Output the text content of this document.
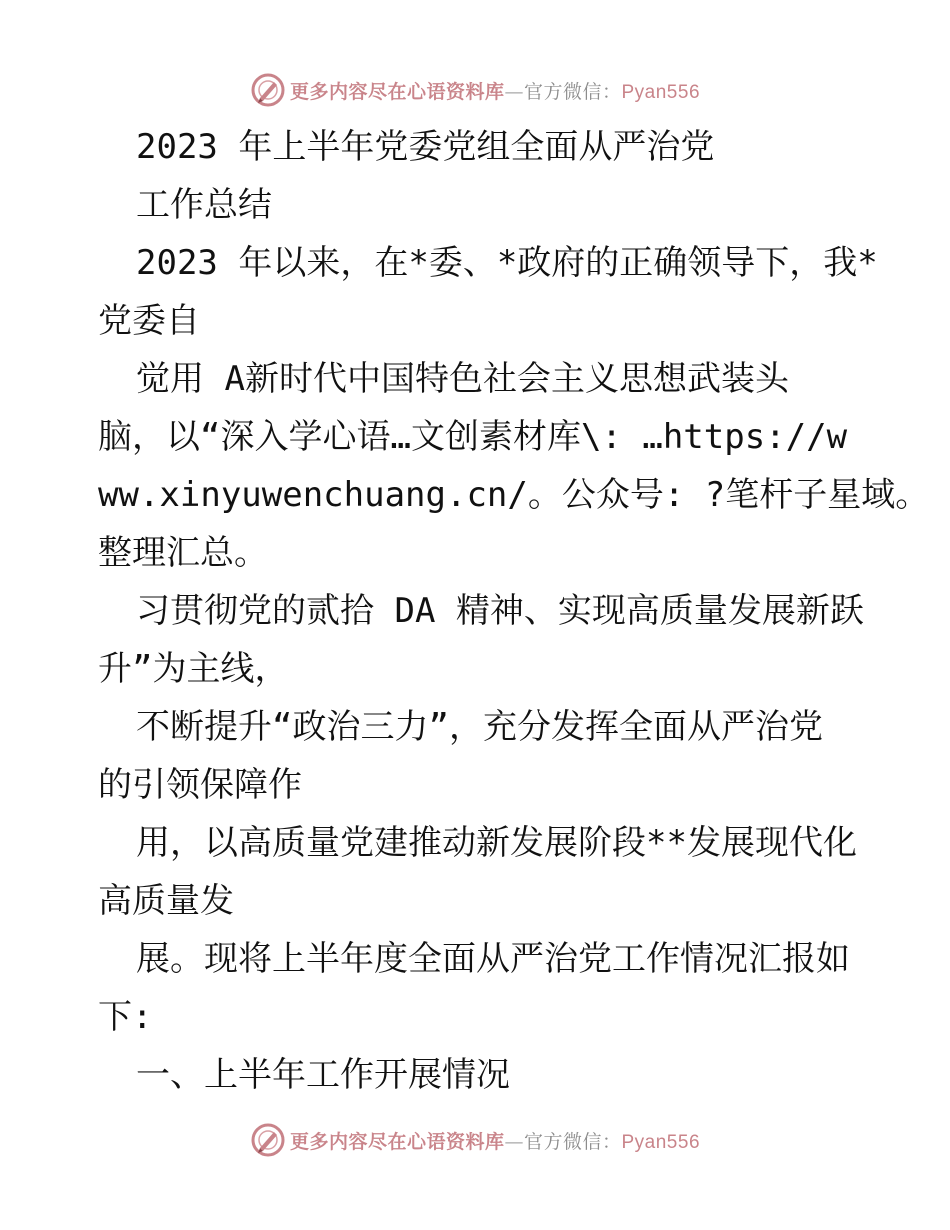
更多内容尽在心语资料库—官方微信：Pyan556
2023 年上半年党委党组全面从严治党
工作总结
2023 年以来，在*委、*政府的正确领导下，我*
党委自
觉用 A新时代中国特色社会主义思想武装头
脑，以“深入学心语…文创素材库\: …https://w
ww.xinyuwenchuang.cn/。公众号: ?笔杆子星域。
整理汇总。
习贯彻党的贰拾 DA 精神、实现高质量发展新跃
升”为主线，
不断提升“政治三力”，充分发挥全面从严治党
的引领保障作
用，以高质量党建推动新发展阶段**发展现代化
高质量发
展。现将上半年度全面从严治党工作情况汇报如
下:
一、上半年工作开展情况
更多内容尽在心语资料库—官方微信：Pyan556
